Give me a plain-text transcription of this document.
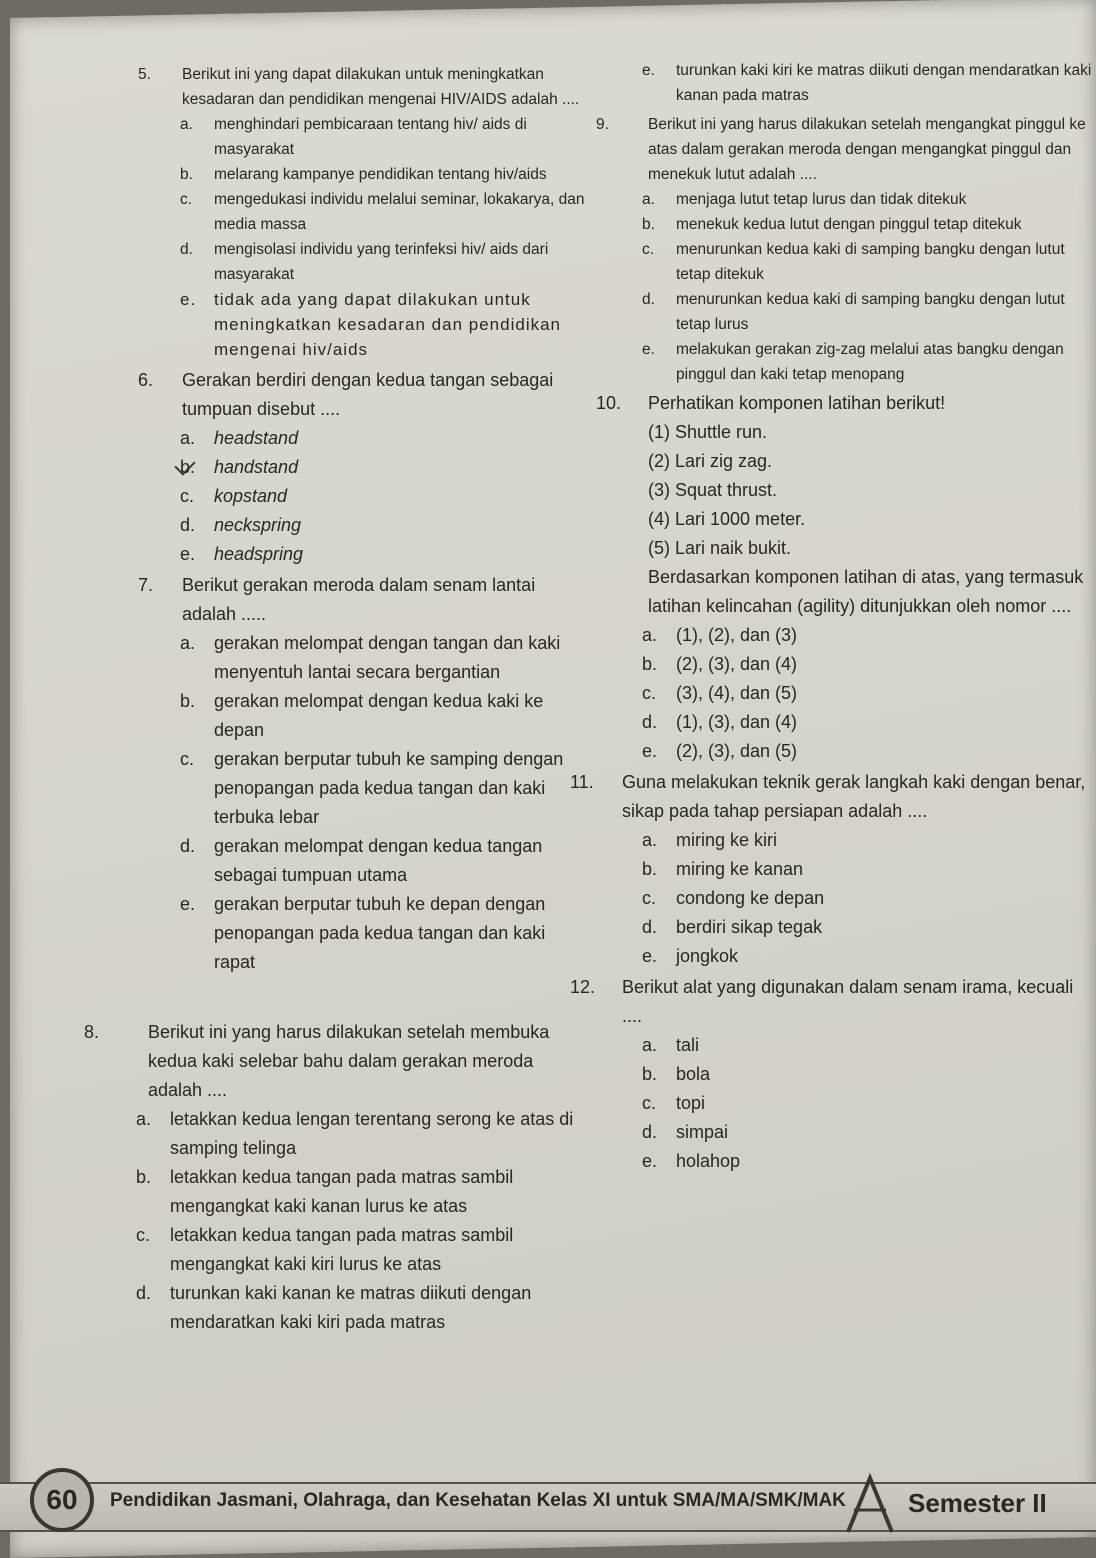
5. Berikut ini yang dapat dilakukan untuk meningkatkan kesadaran dan pendidikan mengenai HIV/AIDS adalah ....
a. menghindari pembicaraan tentang hiv/ aids di masyarakat
b. melarang kampanye pendidikan tentang hiv/aids
c. mengedukasi individu melalui seminar, lokakarya, dan media massa
d. mengisolasi individu yang terinfeksi hiv/ aids dari masyarakat
e. tidak ada yang dapat dilakukan untuk meningkatkan kesadaran dan pendidikan mengenai hiv/aids
6. Gerakan berdiri dengan kedua tangan sebagai tumpuan disebut ....
a. headstand
b. handstand
c. kopstand
d. neckspring
e. headspring
7. Berikut gerakan meroda dalam senam lantai adalah .....
a. gerakan melompat dengan tangan dan kaki menyentuh lantai secara bergantian
b. gerakan melompat dengan kedua kaki ke depan
c. gerakan berputar tubuh ke samping dengan penopangan pada kedua tangan dan kaki terbuka lebar
d. gerakan melompat dengan kedua tangan sebagai tumpuan utama
e. gerakan berputar tubuh ke depan dengan penopangan pada kedua tangan dan kaki rapat
8.	Berikut ini yang harus dilakukan setelah membuka kedua kaki selebar bahu dalam gerakan meroda adalah ....
a. letakkan kedua lengan terentang serong ke atas di samping telinga
b. letakkan kedua tangan pada matras sambil mengangkat kaki kanan lurus ke atas
c. letakkan kedua tangan pada matras sambil mengangkat kaki kiri lurus ke atas
d. turunkan kaki kanan ke matras diikuti dengan mendaratkan kaki kiri pada matras
e. turunkan kaki kiri ke matras diikuti dengan mendaratkan kaki kanan pada matras
9.	Berikut ini yang harus dilakukan setelah mengangkat pinggul ke atas dalam gerakan meroda dengan mengangkat pinggul dan menekuk lutut adalah ....
a. menjaga lutut tetap lurus dan tidak ditekuk
b. menekuk kedua lutut dengan pinggul tetap ditekuk
c. menurunkan kedua kaki di samping bangku dengan lutut tetap ditekuk
d. menurunkan kedua kaki di samping bangku dengan lutut tetap lurus
e. melakukan gerakan zig-zag melalui atas bangku dengan pinggul dan kaki tetap menopang
10. Perhatikan komponen latihan berikut!
(1) Shuttle run.
(2) Lari zig zag.
(3) Squat thrust.
(4) Lari 1000 meter.
(5) Lari naik bukit.
Berdasarkan komponen latihan di atas, yang termasuk latihan kelincahan (agility) ditunjukkan oleh nomor ....
a. (1), (2), dan (3)
b. (2), (3), dan (4)
c. (3), (4), dan (5)
d. (1), (3), dan (4)
e. (2), (3), dan (5)
11. Guna melakukan teknik gerak langkah kaki dengan benar, sikap pada tahap persiapan adalah ....
a. miring ke kiri
b. miring ke kanan
c. condong ke depan
d. berdiri sikap tegak
e. jongkok
12. Berikut alat yang digunakan dalam senam irama, kecuali ....
a. tali
b. bola
c. topi
d. simpai
e. holahop
60	Pendidikan Jasmani, Olahraga, dan Kesehatan Kelas XI untuk SMA/MA/SMK/MAK Semester II
